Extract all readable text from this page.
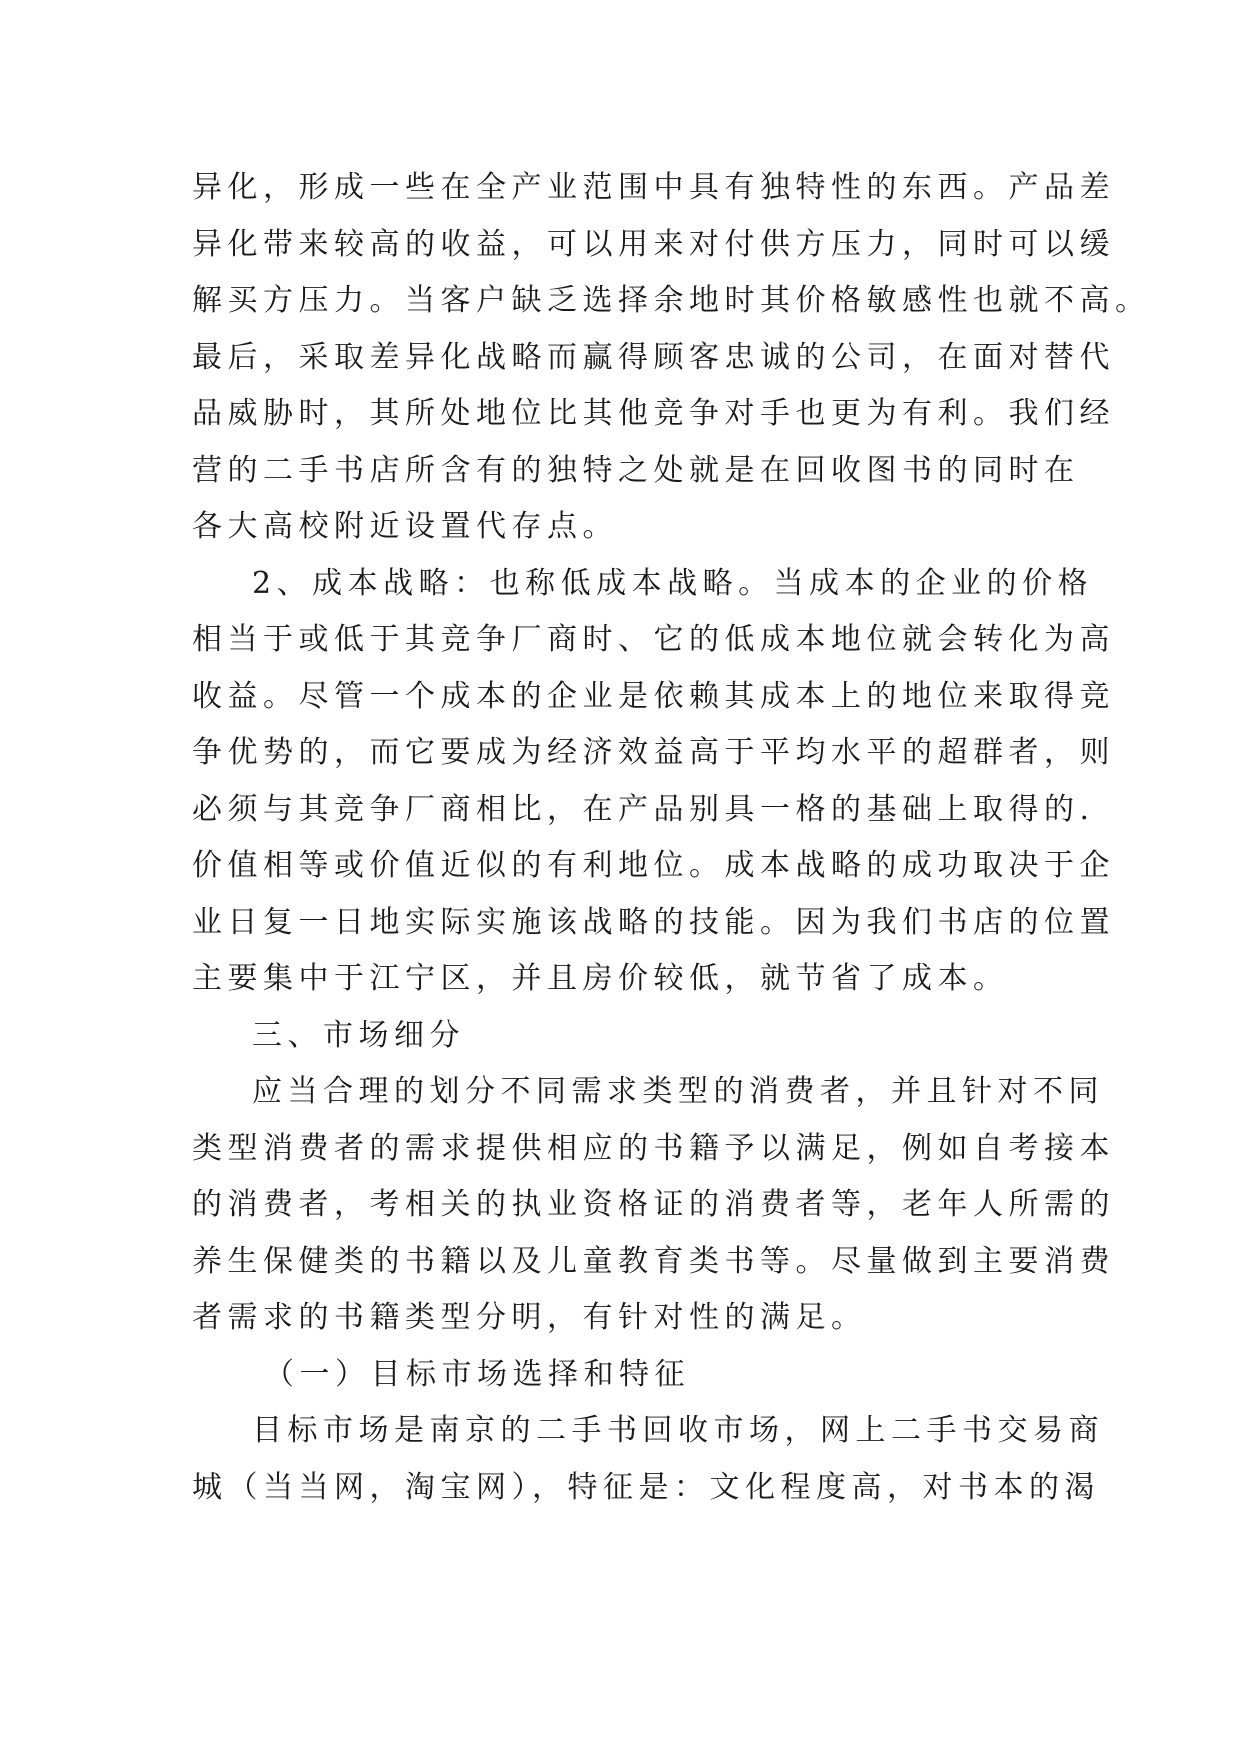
异化，形成一些在全产业范围中具有独特性的东西。产品差
异化带来较高的收益，可以用来对付供方压力，同时可以缓
解买方压力。当客户缺乏选择余地时其价格敏感性也就不高。
最后，采取差异化战略而赢得顾客忠诚的公司，在面对替代
品威胁时，其所处地位比其他竞争对手也更为有利。我们经
营的二手书店所含有的独特之处就是在回收图书的同时在
各大高校附近设置代存点。
2、成本战略：也称低成本战略。当成本的企业的价格
相当于或低于其竞争厂商时、它的低成本地位就会转化为高
收益。尽管一个成本的企业是依赖其成本上的地位来取得竞
争优势的，而它要成为经济效益高于平均水平的超群者，则
必须与其竞争厂商相比，在产品别具一格的基础上取得的.
价值相等或价值近似的有利地位。成本战略的成功取决于企
业日复一日地实际实施该战略的技能。因为我们书店的位置
主要集中于江宁区，并且房价较低，就节省了成本。
三、市场细分
应当合理的划分不同需求类型的消费者，并且针对不同
类型消费者的需求提供相应的书籍予以满足，例如自考接本
的消费者，考相关的执业资格证的消费者等，老年人所需的
养生保健类的书籍以及儿童教育类书等。尽量做到主要消费
者需求的书籍类型分明，有针对性的满足。
（一）目标市场选择和特征
目标市场是南京的二手书回收市场，网上二手书交易商
城（当当网，淘宝网），特征是：文化程度高，对书本的渴
